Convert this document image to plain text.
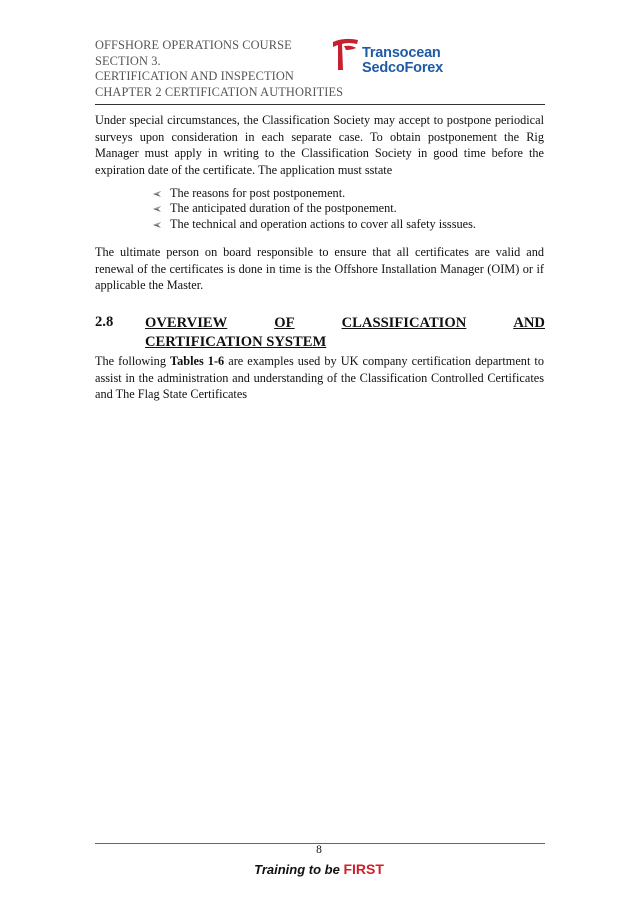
OFFSHORE OPERATIONS COURSE
SECTION 3.
CERTIFICATION AND INSPECTION
CHAPTER 2 CERTIFICATION AUTHORITIES
Transocean
SedcoForex

Under special circumstances, the Classification Society may accept to postpone periodical surveys upon consideration in each separate case. To obtain postponement the Rig Manager must apply in writing to the Classification Society in good time before the expiration date of the certificate. The application must sstate

The reasons for post postponement.
The anticipated duration of the postponement.
The technical and operation actions to cover all safety isssues.

The ultimate person on board responsible to ensure that all certificates are valid and renewal of the certificates is done in time is the Offshore Installation Manager (OIM) or if applicable the Master.

2.8 OVERVIEW	OF	CLASSIFICATION	AND
CERTIFICATION SYSTEM

The following Tables 1-6 are examples used by UK company certification department to assist in the administration and understanding of the Classification Controlled Certificates and The Flag State Certificates

8
Training to be FIRST
